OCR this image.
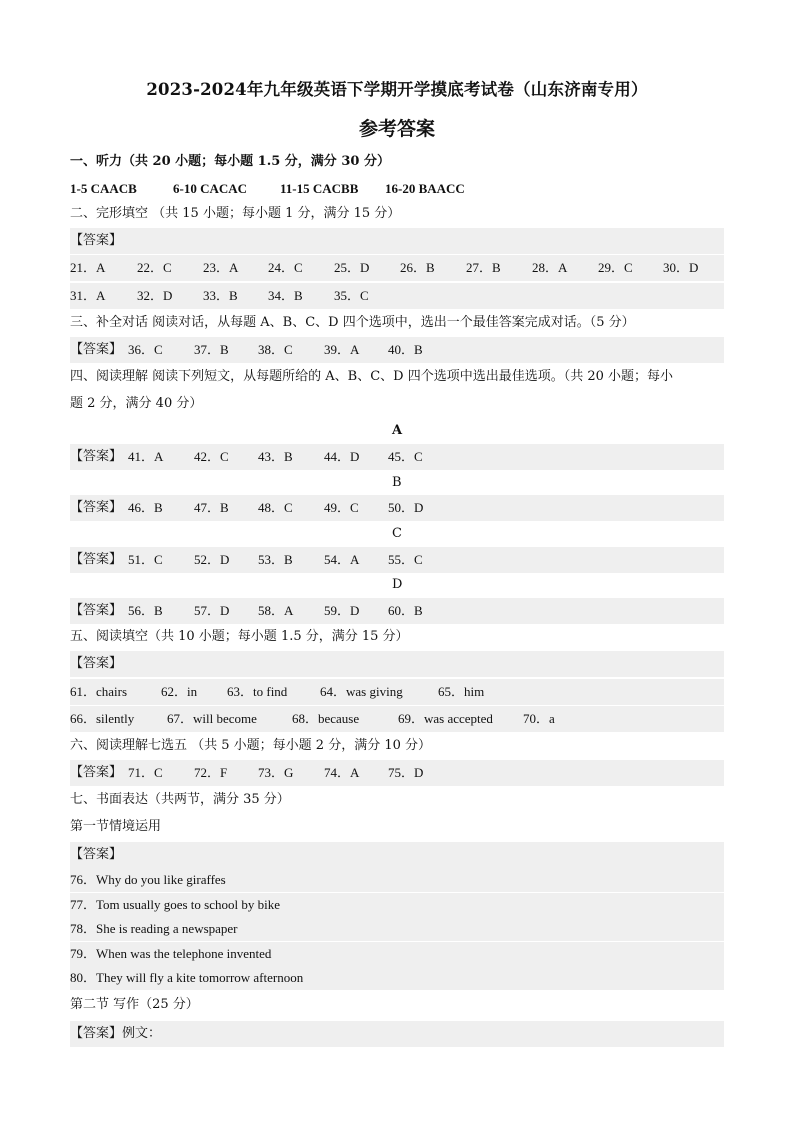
2023-2024年九年级英语下学期开学摸底考试卷（山东济南专用）
参考答案
一、听力（共 20 小题；每小题 1.5 分，满分 30 分）
1-5 CAACB	6-10 CACAC	11-15 CACBB 16-20 BAACC
二、完形填空 （共 15 小题；每小题 1 分，满分 15 分）
【答案】
21．A 22．C 23．A 24．C 25．D 26．B 27．B 28．A 29．C 30．D
31．A 32．D 33．B 34．B 35．C
三、补全对话 阅读对话，从每题 A、B、C、D 四个选项中，选出一个最佳答案完成对话。（5 分）
【答案】 36．C 37．B 38．C 39．A 40．B
四、阅读理解 阅读下列短文，从每题所给的 A、B、C、D 四个选项中选出最佳选项。（共 20 小题；每小
题 2 分，满分 40 分）
A
【答案】 41．A 42．C 43．B 44．D 45．C
B
【答案】 46．B 47．B 48．C 49．C 50．D
C
【答案】 51．C 52．D 53．B 54．A 55．C
D
【答案】 56．B 57．D 58．A 59．D 60．B
五、阅读填空（共 10 小题；每小题 1.5 分，满分 15 分）
【答案】
61．chairs	62．in 63．to find	64．was giving	65．him
66．silently	67．will become	68．because	69．was accepted 70．a
六、阅读理解七选五 （共 5 小题；每小题 2 分，满分 10 分）
【答案】 71．C 72．F 73．G 74．A 75．D
七、书面表达（共两节，满分 35 分）
第一节情境运用
【答案】
76．Why do you like giraffes
77．Tom usually goes to school by bike
78．She is reading a newspaper
79．When was the telephone invented
80．They will fly a kite tomorrow afternoon
第二节 写作（25 分）
【答案】例文：
